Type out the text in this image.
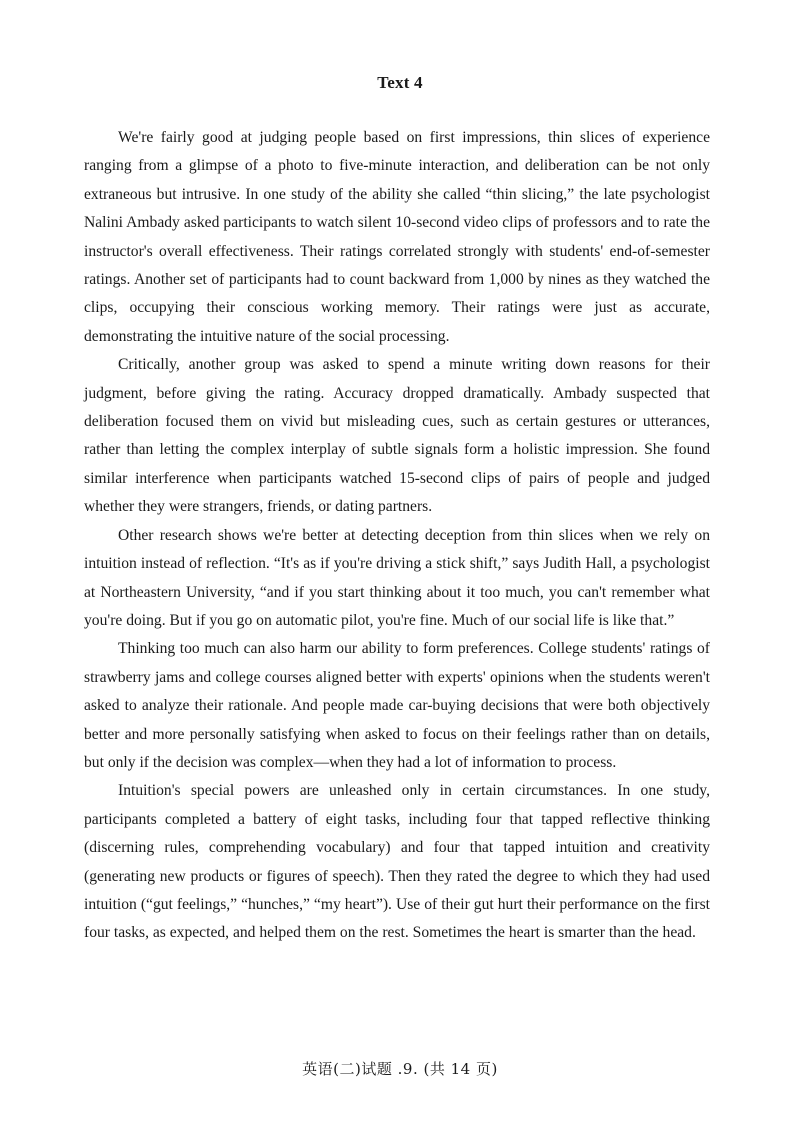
Text 4

We're fairly good at judging people based on first impressions, thin slices of experience ranging from a glimpse of a photo to five-minute interaction, and deliberation can be not only extraneous but intrusive. In one study of the ability she called “thin slicing,” the late psychologist Nalini Ambady asked participants to watch silent 10-second video clips of professors and to rate the instructor's overall effectiveness. Their ratings correlated strongly with students' end-of-semester ratings. Another set of participants had to count backward from 1,000 by nines as they watched the clips, occupying their conscious working memory. Their ratings were just as accurate, demonstrating the intuitive nature of the social processing.

Critically, another group was asked to spend a minute writing down reasons for their judgment, before giving the rating. Accuracy dropped dramatically. Ambady suspected that deliberation focused them on vivid but misleading cues, such as certain gestures or utterances, rather than letting the complex interplay of subtle signals form a holistic impression. She found similar interference when participants watched 15-second clips of pairs of people and judged whether they were strangers, friends, or dating partners.

Other research shows we're better at detecting deception from thin slices when we rely on intuition instead of reflection. “It's as if you're driving a stick shift,” says Judith Hall, a psychologist at Northeastern University, “and if you start thinking about it too much, you can't remember what you're doing. But if you go on automatic pilot, you're fine. Much of our social life is like that.”

Thinking too much can also harm our ability to form preferences. College students' ratings of strawberry jams and college courses aligned better with experts' opinions when the students weren't asked to analyze their rationale. And people made car-buying decisions that were both objectively better and more personally satisfying when asked to focus on their feelings rather than on details, but only if the decision was complex—when they had a lot of information to process.

Intuition's special powers are unleashed only in certain circumstances. In one study, participants completed a battery of eight tasks, including four that tapped reflective thinking (discerning rules, comprehending vocabulary) and four that tapped intuition and creativity (generating new products or figures of speech). Then they rated the degree to which they had used intuition (“gut feelings,” “hunches,” “my heart”). Use of their gut hurt their performance on the first four tasks, as expected, and helped them on the rest. Sometimes the heart is smarter than the head.

英语(二)试题 .9. (共 14 页)
